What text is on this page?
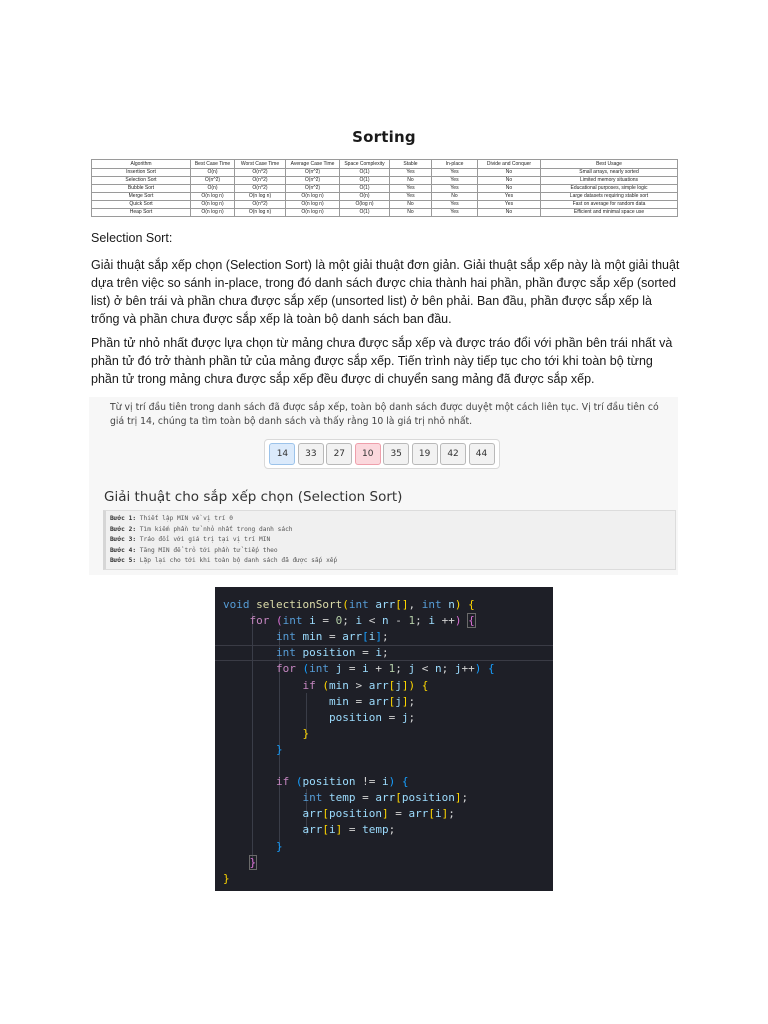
Sorting
Algorithm	Best Case Time	Worst Case Time	Average Case Time	Space Complexity	Stable	In-place	Divide and Conquer	Best Usage
Insertion Sort	O(n)	O(n^2)	O(n^2)	O(1)	Yes	Yes	No	Small arrays, nearly sorted
Selection Sort	O(n^2)	O(n^2)	O(n^2)	O(1)	No	Yes	No	Limited memory situations
Bubble Sort	O(n)	O(n^2)	O(n^2)	O(1)	Yes	Yes	No	Educational purposes, simple logic
Merge Sort	O(n log n)	O(n log n)	O(n log n)	O(n)	Yes	No	Yes	Large datasets requiring stable sort
Quick Sort	O(n log n)	O(n^2)	O(n log n)	O(log n)	No	Yes	Yes	Fast on average for random data
Heap Sort	O(n log n)	O(n log n)	O(n log n)	O(1)	No	Yes	No	Efficient and minimal space use
Selection Sort:
Giải thuật sắp xếp chọn (Selection Sort) là một giải thuật đơn giản. Giải thuật sắp xếp này là một giải thuật dựa trên việc so sánh in-place, trong đó danh sách được chia thành hai phần, phần được sắp xếp (sorted list) ở bên trái và phần chưa được sắp xếp (unsorted list) ở bên phải. Ban đầu, phần được sắp xếp là trống và phần chưa được sắp xếp là toàn bộ danh sách ban đầu.
Phần tử nhỏ nhất được lựa chọn từ mảng chưa được sắp xếp và được tráo đổi với phần bên trái nhất và phần tử đó trở thành phần tử của mảng được sắp xếp. Tiến trình này tiếp tục cho tới khi toàn bộ từng phần tử trong mảng chưa được sắp xếp đều được di chuyển sang mảng đã được sắp xếp.
Từ vị trí đầu tiên trong danh sách đã được sắp xếp, toàn bộ danh sách được duyệt một cách liên tục. Vị trí đầu tiên có giá trị 14, chúng ta tìm toàn bộ danh sách và thấy rằng 10 là giá trị nhỏ nhất.
14	33	27	10	35	19	42	44
Giải thuật cho sắp xếp chọn (Selection Sort)
Bước 1: Thiết lập MIN về vị trí 0
Bước 2: Tìm kiếm phần tử nhỏ nhất trong danh sách
Bước 3: Tráo đổi với giá trị tại vị trí MIN
Bước 4: Tăng MIN để trỏ tới phần tử tiếp theo
Bước 5: Lặp lại cho tới khi toàn bộ danh sách đã được sắp xếp
void selectionSort(int arr[], int n) {
for (int i = 0; i < n - 1; i ++) {
int min = arr[i];
int position = i;
for (int j = i + 1; j < n; j++) {
if (min > arr[j]) {
min = arr[j];
position = j;
}
}
if (position != i) {
int temp = arr[position];
arr[position] = arr[i];
arr[i] = temp;
}
}
}
